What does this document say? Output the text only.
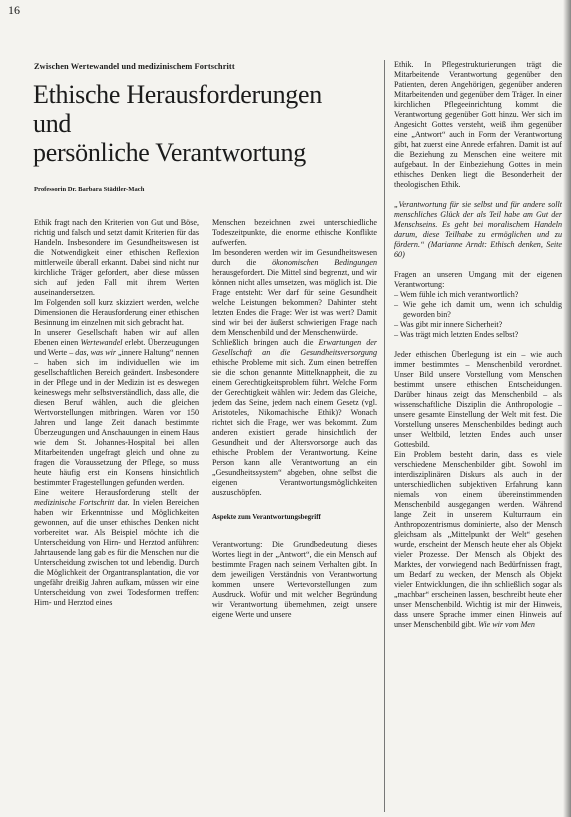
16
Zwischen Wertewandel und medizinischem Fortschritt
Ethische Herausforderungen
und
persönliche Verantwortung
Professorin Dr. Barbara Städtler-Mach

Ethik fragt nach den Kriterien von Gut und Böse, richtig und falsch und setzt damit Kriterien für das Handeln. Insbesondere im Gesundheitswesen ist die Notwendigkeit einer ethischen Reflexion mittlerweile überall erkannt. Dabei sind nicht nur kirchliche Träger gefordert, aber diese müssen sich auf jeden Fall mit ihrem Werten auseinandersetzen.

Im Folgenden soll kurz skizziert werden, welche Dimensionen die Herausforderung einer ethischen Besinnung im einzelnen mit sich gebracht hat.

In unserer Gesellschaft haben wir auf allen Ebenen einen Wertewandel erlebt. Überzeugungen und Werte – das, was wir „innere Haltung“ nennen – haben sich im individuellen wie im gesellschaftlichen Bereich geändert. Insbesondere in der Pflege und in der Medizin ist es deswegen keineswegs mehr selbstverständlich, dass alle, die diesen Beruf wählen, auch die gleichen Wertvorstellungen mitbringen. Waren vor 150 Jahren und lange Zeit danach bestimmte Überzeugungen und Anschauungen in einem Haus wie dem St. Johannes-Hospital bei allen Mitarbeitenden ungefragt gleich und ohne zu fragen die Voraussetzung der Pflege, so muss heute häufig erst ein Konsens hinsichtlich bestimmter Fragestellungen gefunden werden.

Eine weitere Herausforderung stellt der medizinische Fortschritt dar. In vielen Bereichen haben wir Erkenntnisse und Möglichkeiten gewonnen, auf die unser ethisches Denken nicht vorbereitet war. Als Beispiel möchte ich die Unterscheidung von Hirn- und Herztod anführen: Jahrtausende lang gab es für die Menschen nur die Unterscheidung zwischen tot und lebendig. Durch die Möglichkeit der Organtransplantation, die vor ungefähr dreißig Jahren aufkam, müssen wir eine Unterscheidung von zwei Todesformen treffen: Hirn- und Herztod eines

Menschen bezeichnen zwei unterschiedliche Todeszeitpunkte, die enorme ethische Konflikte aufwerfen.

Im besonderen werden wir im Gesundheitswesen durch die ökonomischen Bedingungen herausgefordert. Die Mittel sind begrenzt, und wir können nicht alles umsetzen, was möglich ist. Die Frage entsteht: Wer darf für seine Gesundheit welche Leistungen bekommen? Dahinter steht letzten Endes die Frage: Wer ist was wert? Damit sind wir bei der äußerst schwierigen Frage nach dem Menschenbild und der Menschenwürde.

Schließlich bringen auch die Erwartungen der Gesellschaft an die Gesundheitsversorgung ethische Probleme mit sich. Zum einen betreffen sie die schon genannte Mittelknappheit, die zu einem Gerechtigkeitsproblem führt. Welche Form der Gerechtigkeit wählen wir: Jedem das Gleiche, jedem das Seine, jedem nach einem Gesetz (vgl. Aristoteles, Nikomachische Ethik)? Wonach richtet sich die Frage, wer was bekommt. Zum anderen existiert gerade hinsichtlich der Gesundheit und der Altersvorsorge auch das ethische Problem der Verantwortung. Keine Person kann alle Verantwortung an ein „Gesundheitssystem“ abgeben, ohne selbst die eigenen Verantwortungsmöglichkeiten auszuschöpfen.

Aspekte zum Verantwortungsbegriff

Verantwortung: Die Grundbedeutung dieses Wortes liegt in der „Antwort“, die ein Mensch auf bestimmte Fragen nach seinem Verhalten gibt. In dem jeweiligen Verständnis von Verantwortung kommen unsere Wertevorstellungen zum Ausdruck. Wofür und mit welcher Begründung wir Verantwortung übernehmen, zeigt unsere eigene Werte und unsere

Ethik. In Pflegestrukturierungen trägt die Mitarbeitende Verantwortung gegenüber den Patienten, deren Angehörigen, gegenüber anderen Mitarbeitenden und gegenüber dem Träger. In einer kirchlichen Pflegeeinrichtung kommt die Verantwortung gegenüber Gott hinzu. Wer sich im Angesicht Gottes versteht, weiß ihm gegenüber eine „Antwort“ auch in Form der Verantwortung gibt, hat zuerst eine Anrede erfahren. Damit ist auf die Beziehung zu Menschen eine weitere mit aufgebaut. In der Einbeziehung Gottes in mein ethisches Denken liegt die Besonderheit der theologischen Ethik.

„Verantwortung für sie selbst und für andere sollt menschliches Glück der als Teil habe am Gut der Menschseins. Es geht bei moralischem Handeln darum, diese Teilhabe zu ermöglichen und zu fördern.“ (Marianne Arndt: Ethisch denken, Seite 60)

Fragen an unseren Umgang mit der eigenen Verantwortung:

– Wem fühle ich mich verantwortlich?
– Wie gehe ich damit um, wenn ich schuldig geworden bin?
– Was gibt mir innere Sicherheit?
– Was trägt mich letzten Endes selbst?

Jeder ethischen Überlegung ist ein – wie auch immer bestimmtes – Menschenbild verordnet. Unser Bild unsere Vorstellung vom Menschen bestimmt unsere ethischen Entscheidungen. Darüber hinaus zeigt das Menschenbild – als wissenschaftliche Disziplin die Anthropologie – unsere gesamte Einstellung der Welt mit fest. Die Vorstellung unseres Menschenbildes bedingt auch unser Weltbild, letzten Endes auch unser Gottesbild.

Ein Problem besteht darin, dass es viele verschiedene Menschenbilder gibt. Sowohl im interdisziplinären Diskurs als auch in der unterschiedlichen subjektiven Erfahrung kann niemals von einem übereinstimmenden Menschenbild ausgegangen werden. Während lange Zeit in unserem Kulturraum ein Anthropozentrismus dominierte, also der Mensch gleichsam als „Mittelpunkt der Welt“ gesehen wurde, erscheint der Mensch heute eher als Objekt vieler Prozesse. Der Mensch als Objekt des Marktes, der vorwiegend nach Bedürfnissen fragt, um Bedarf zu wecken, der Mensch als Objekt vieler Entwicklungen, die ihn schließlich sogar als „machbar“ erscheinen lassen, beschreibt heute eher unser Menschenbild. Wichtig ist mir der Hinweis, dass unsere Sprache immer einen Hinweis auf unser Menschenbild gibt. Wie wir vom Men
